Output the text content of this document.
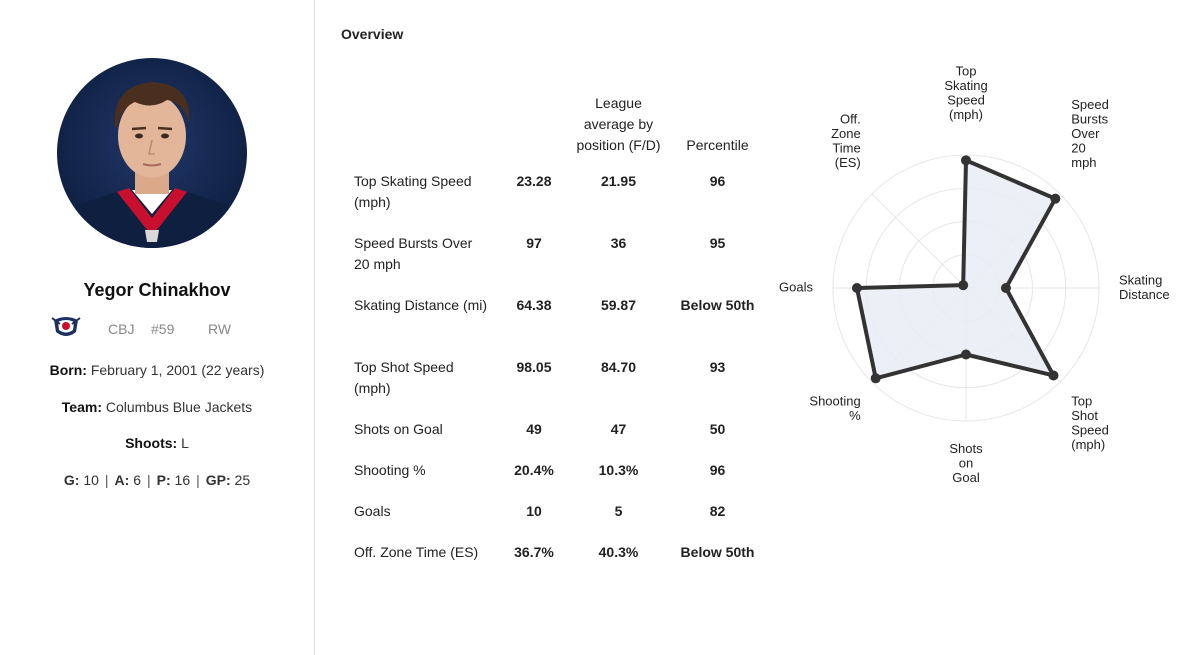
Yegor Chinakhov
CBJ #59 RW
Born: February 1, 2001 (22 years)
Team: Columbus Blue Jackets
Shoots: L
G: 10 | A: 6 | P: 16 | GP: 25
Overview
		League average by position (F/D)	Percentile
Top Skating Speed (mph)	23.28	21.95	96
Speed Bursts Over 20 mph	97	36	95
Skating Distance (mi)	64.38	59.87	Below 50th
Top Shot Speed (mph)	98.05	84.70	93
Shots on Goal	49	47	50
Shooting %	20.4%	10.3%	96
Goals	10	5	82
Off. Zone Time (ES)	36.7%	40.3%	Below 50th
Top Skating Speed (mph)
Speed Bursts Over 20 mph
Skating Distance
Top Shot Speed (mph)
Shots on Goal
Shooting %
Goals
Off. Zone Time (ES)
